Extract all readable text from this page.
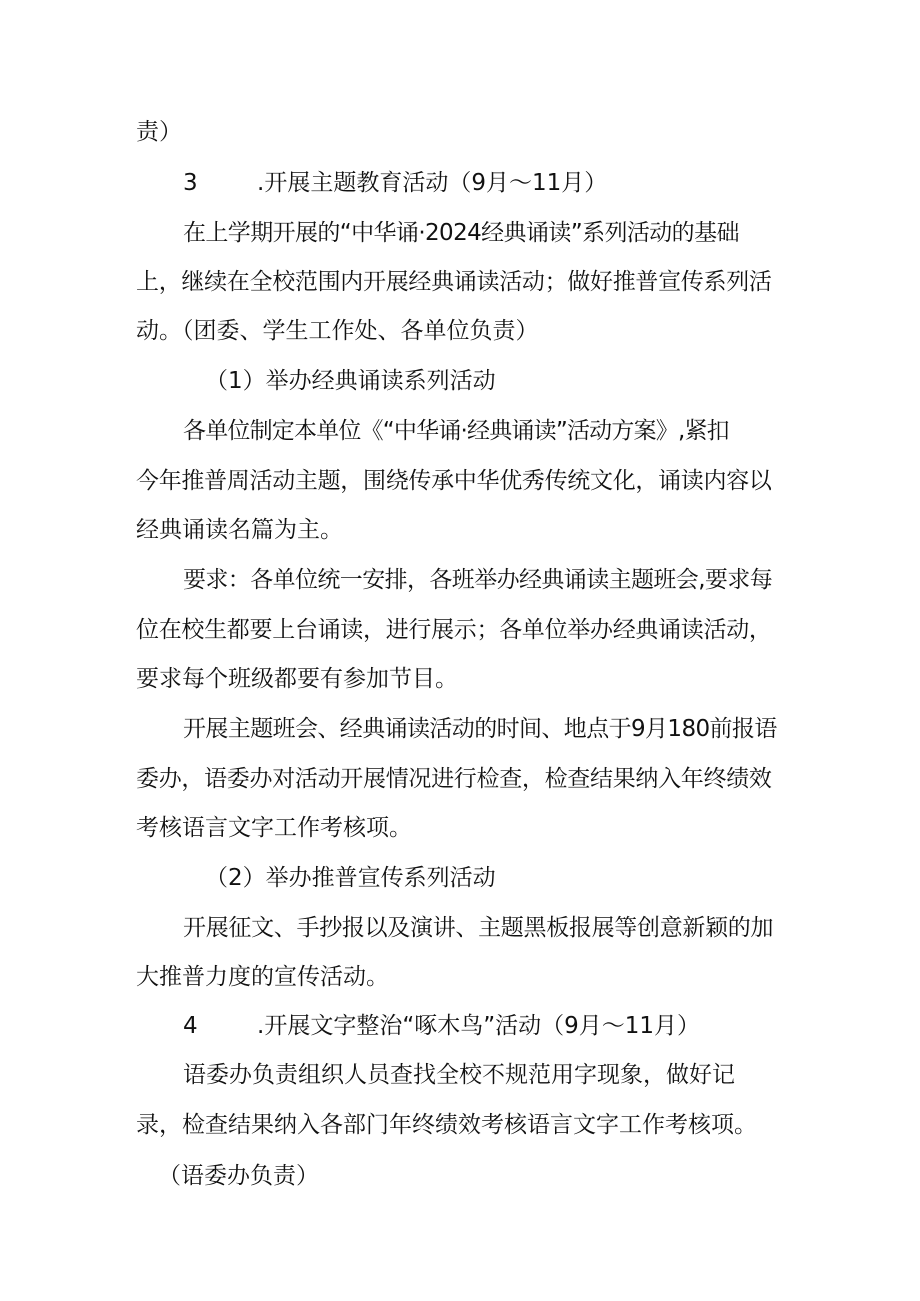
责）
3	.开展主题教育活动（9月〜11月）
在上学期开展的“中华诵·2024经典诵读”系列活动的基础
上，继续在全校范围内开展经典诵读活动；做好推普宣传系列活
动。（团委、学生工作处、各单位负责）
（1）举办经典诵读系列活动
各单位制定本单位《“中华诵·经典诵读”活动方案》,紧扣
今年推普周活动主题，围绕传承中华优秀传统文化，诵读内容以
经典诵读名篇为主。
要求：各单位统一安排，各班举办经典诵读主题班会,要求每
位在校生都要上台诵读，进行展示；各单位举办经典诵读活动，
要求每个班级都要有参加节目。
开展主题班会、经典诵读活动的时间、地点于9月180前报语
委办，语委办对活动开展情况进行检查，检查结果纳入年终绩效
考核语言文字工作考核项。
（2）举办推普宣传系列活动
开展征文、手抄报以及演讲、主题黑板报展等创意新颖的加
大推普力度的宣传活动。
4	.开展文字整治“啄木鸟”活动（9月〜11月）
语委办负责组织人员查找全校不规范用字现象，做好记
录，检查结果纳入各部门年终绩效考核语言文字工作考核项。
（语委办负责）
